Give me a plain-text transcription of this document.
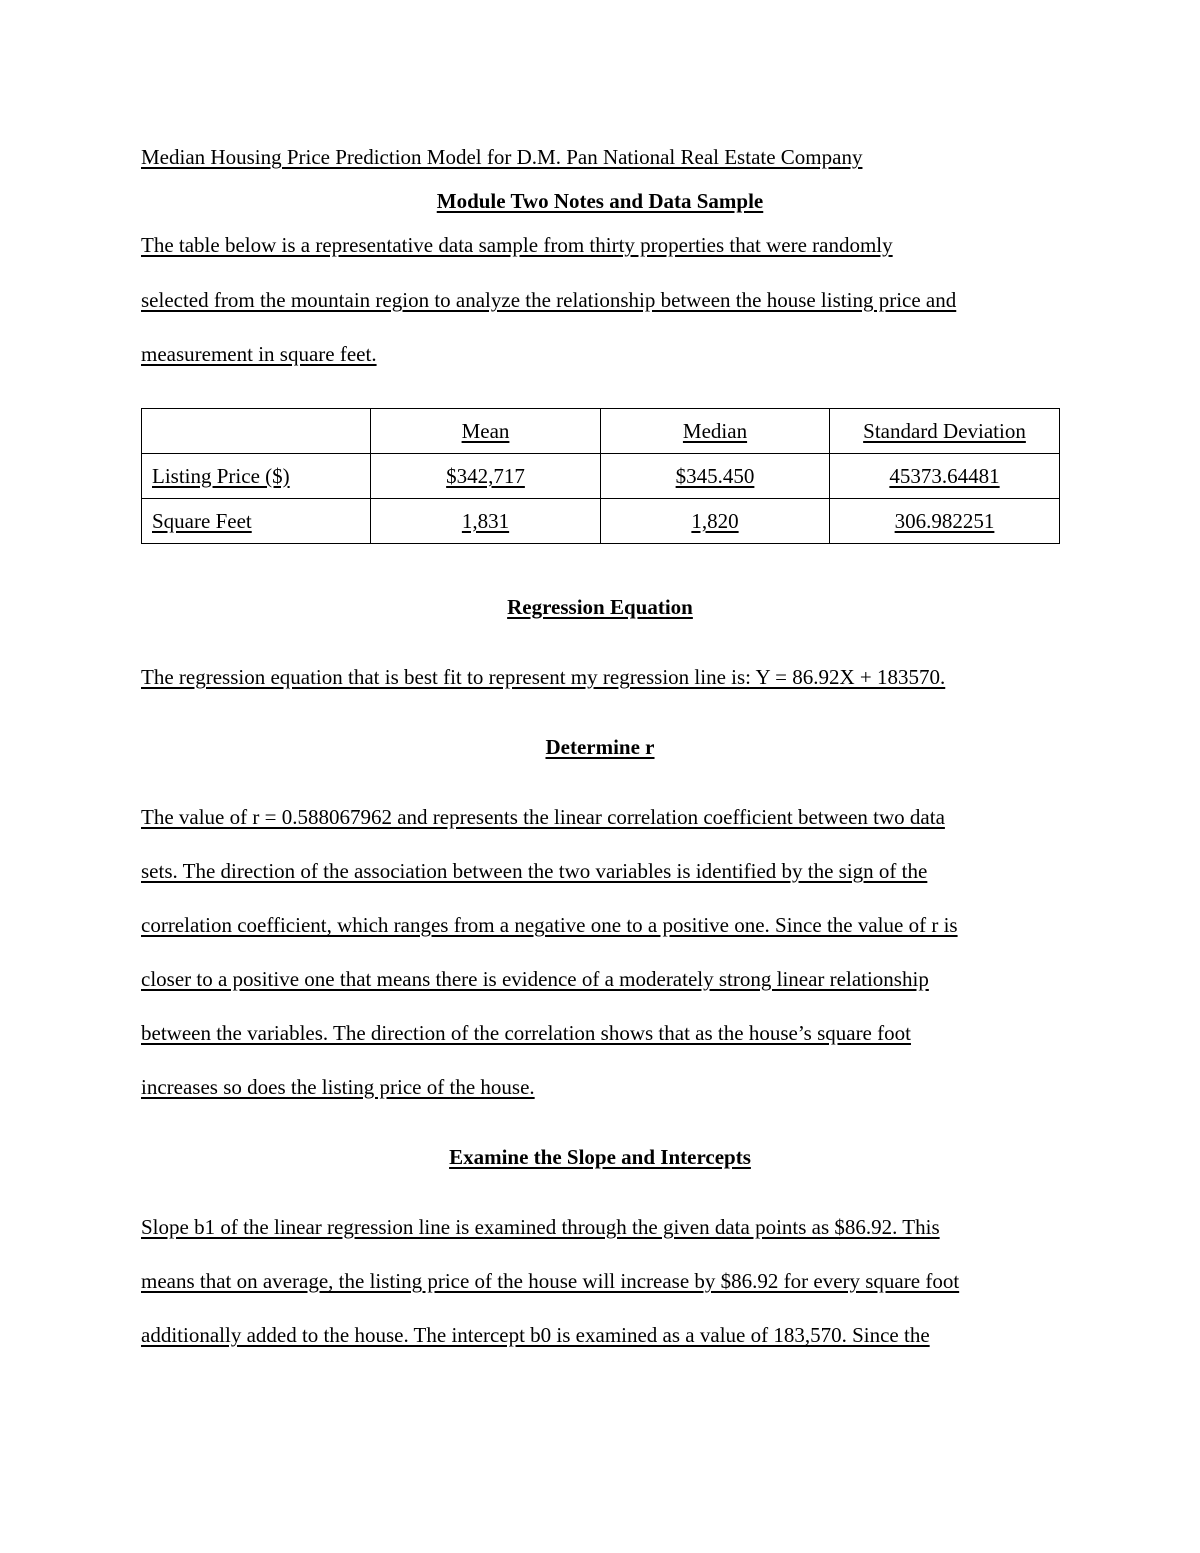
Median Housing Price Prediction Model for D.M. Pan National Real Estate Company
Module Two Notes and Data Sample
The table below is a representative data sample from thirty properties that were randomly
selected from the mountain region to analyze the relationship between the house listing price and
measurement in square feet.
	Mean	Median	Standard Deviation
Listing Price ($)	$342,717	$345.450	45373.64481
Square Feet	1,831	1,820	306.982251
Regression Equation
The regression equation that is best fit to represent my regression line is: Y = 86.92X + 183570.
Determine r
The value of r = 0.588067962 and represents the linear correlation coefficient between two data
sets. The direction of the association between the two variables is identified by the sign of the
correlation coefficient, which ranges from a negative one to a positive one. Since the value of r is
closer to a positive one that means there is evidence of a moderately strong linear relationship
between the variables. The direction of the correlation shows that as the house’s square foot
increases so does the listing price of the house.
Examine the Slope and Intercepts
Slope b1 of the linear regression line is examined through the given data points as $86.92. This
means that on average, the listing price of the house will increase by $86.92 for every square foot
additionally added to the house. The intercept b0 is examined as a value of 183,570. Since the
